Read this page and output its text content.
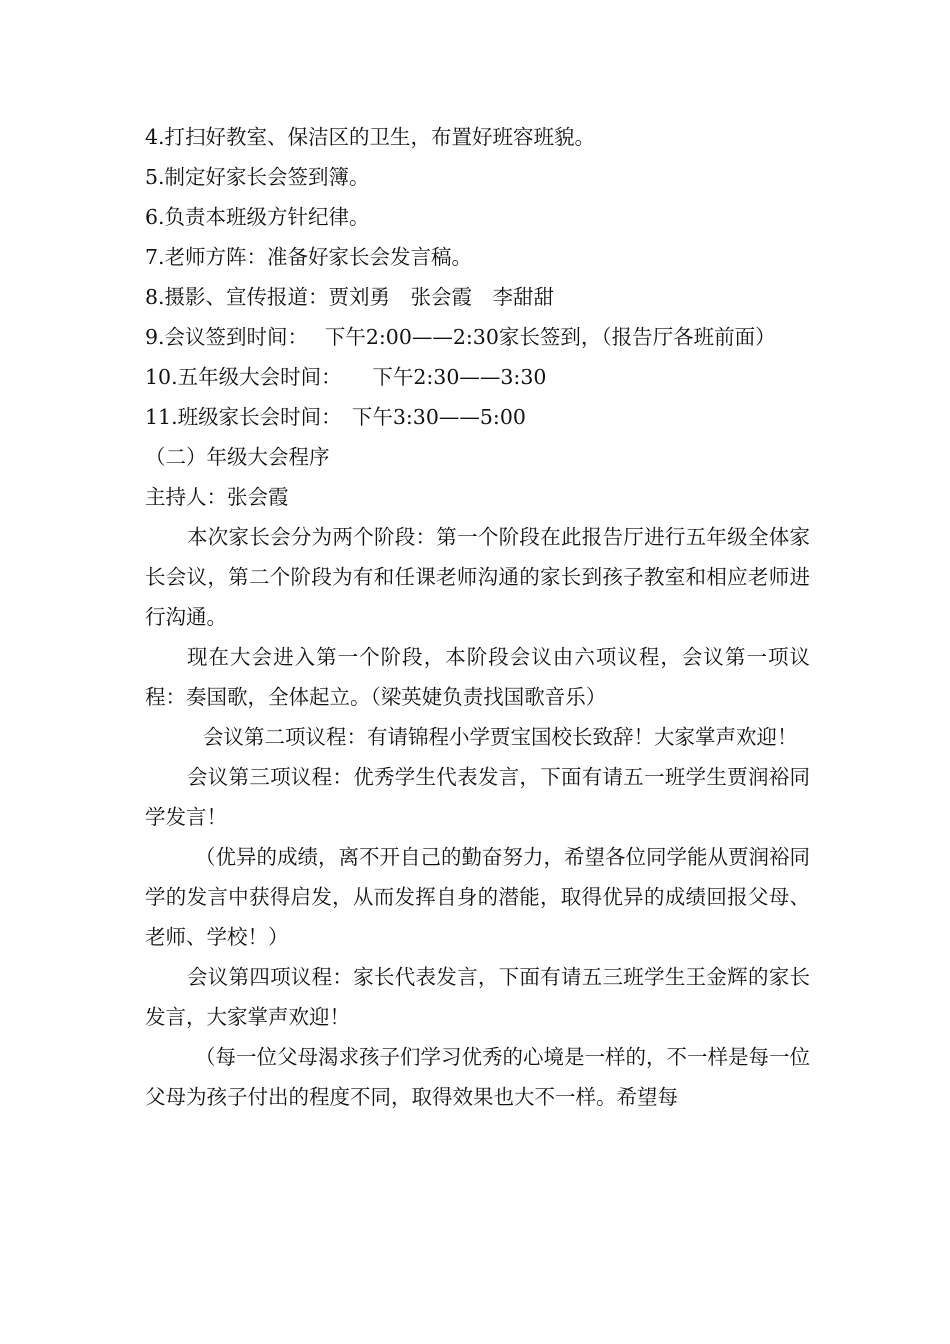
4.打扫好教室、保洁区的卫生，布置好班容班貌。

5.制定好家长会签到簿。

6.负责本班级方针纪律。

7.老师方阵：准备好家长会发言稿。

8.摄影、宣传报道：贾刘勇　张会霞　李甜甜

9.会议签到时间：　 下午2:00——2:30家长签到，（报告厅各班前面）

10.五年级大会时间：　　下午2:30——3:30

11.班级家长会时间：　下午3:30——5:00

（二）年级大会程序

主持人：张会霞

本次家长会分为两个阶段：第一个阶段在此报告厅进行五年级全体家长会议，第二个阶段为有和任课老师沟通的家长到孩子教室和相应老师进行沟通。

现在大会进入第一个阶段，本阶段会议由六项议程，会议第一项议程：奏国歌，全体起立。（梁英婕负责找国歌音乐）

会议第二项议程：有请锦程小学贾宝国校长致辞！大家掌声欢迎！

会议第三项议程：优秀学生代表发言，下面有请五一班学生贾润裕同学发言！

（优异的成绩，离不开自己的勤奋努力，希望各位同学能从贾润裕同学的发言中获得启发，从而发挥自身的潜能，取得优异的成绩回报父母、老师、学校！）

会议第四项议程：家长代表发言，下面有请五三班学生王金辉的家长发言，大家掌声欢迎！

（每一位父母渴求孩子们学习优秀的心境是一样的，不一样是每一位父母为孩子付出的程度不同，取得效果也大不一样。希望每
